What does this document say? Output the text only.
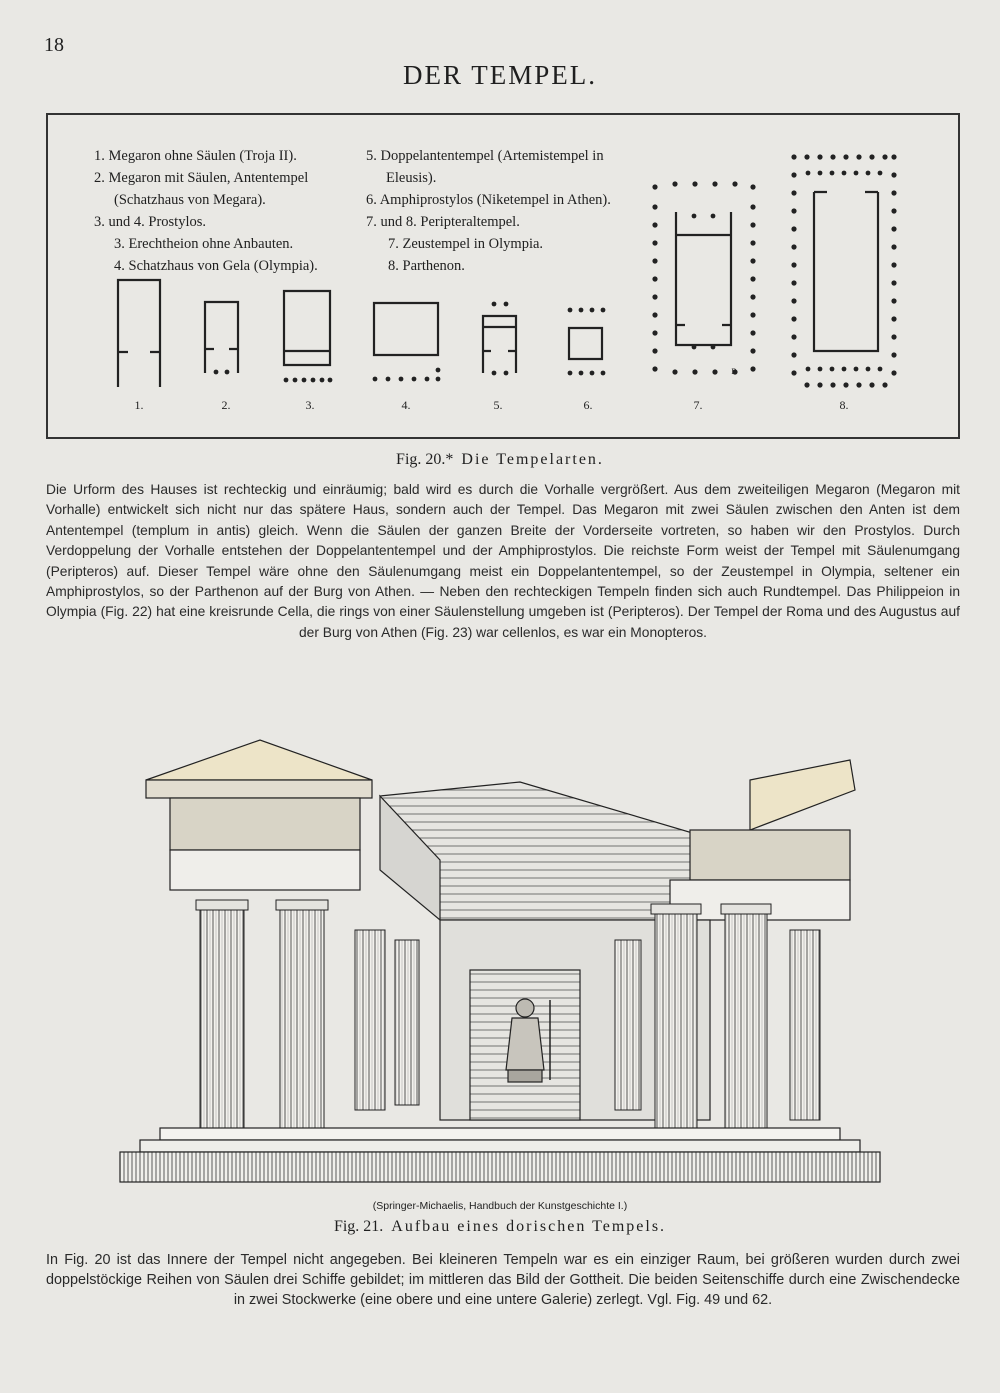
18
DER TEMPEL.
1. Megaron ohne Säulen (Troja II).
2. Megaron mit Säulen, Antentempel
(Schatzhaus von Megara).
3. und 4. Prostylos.
3. Erechtheion ohne Anbauten.
4. Schatzhaus von Gela (Olympia).
5. Doppelantentempel (Artemistempel in
Eleusis).
6. Amphiprostylos (Niketempel in Athen).
7. und 8. Peripteraltempel.
7. Zeustempel in Olympia.
8. Parthenon.
1.	2.	3.	4.	5.	6.	7.	8.
B
Fig. 20.* Die Tempelarten.

Die Urform des Hauses ist rechteckig und einräumig; bald wird es durch die Vorhalle vergrößert. Aus dem zweiteiligen Megaron (Megaron mit Vorhalle) entwickelt sich nicht nur das spätere Haus, sondern auch der Tempel. Das Megaron mit zwei Säulen zwischen den Anten ist dem Antentempel (templum in antis) gleich. Wenn die Säulen der ganzen Breite der Vorderseite vortreten, so haben wir den Prostylos. Durch Verdoppelung der Vorhalle entstehen der Doppelantentempel und der Amphiprostylos. Die reichste Form weist der Tempel mit Säulenumgang (Peripteros) auf. Dieser Tempel wäre ohne den Säulenumgang meist ein Doppelantentempel, so der Zeustempel in Olympia, seltener ein Amphiprostylos, so der Parthenon auf der Burg von Athen. — Neben den rechteckigen Tempeln finden sich auch Rundtempel. Das Philippeion in Olympia (Fig. 22) hat eine kreisrunde Cella, die rings von einer Säulenstellung umgeben ist (Peripteros). Der Tempel der Roma und des Augustus auf der Burg von Athen (Fig. 23) war cellenlos, es war ein Monopteros.

(Springer-Michaelis, Handbuch der Kunstgeschichte I.)
Fig. 21. Aufbau eines dorischen Tempels.

In Fig. 20 ist das Innere der Tempel nicht angegeben. Bei kleineren Tempeln war es ein einziger Raum, bei größeren wurden durch zwei doppelstöckige Reihen von Säulen drei Schiffe gebildet; im mittleren das Bild der Gottheit. Die beiden Seitenschiffe durch eine Zwischendecke in zwei Stockwerke (eine obere und eine untere Galerie) zerlegt. Vgl. Fig. 49 und 62.
